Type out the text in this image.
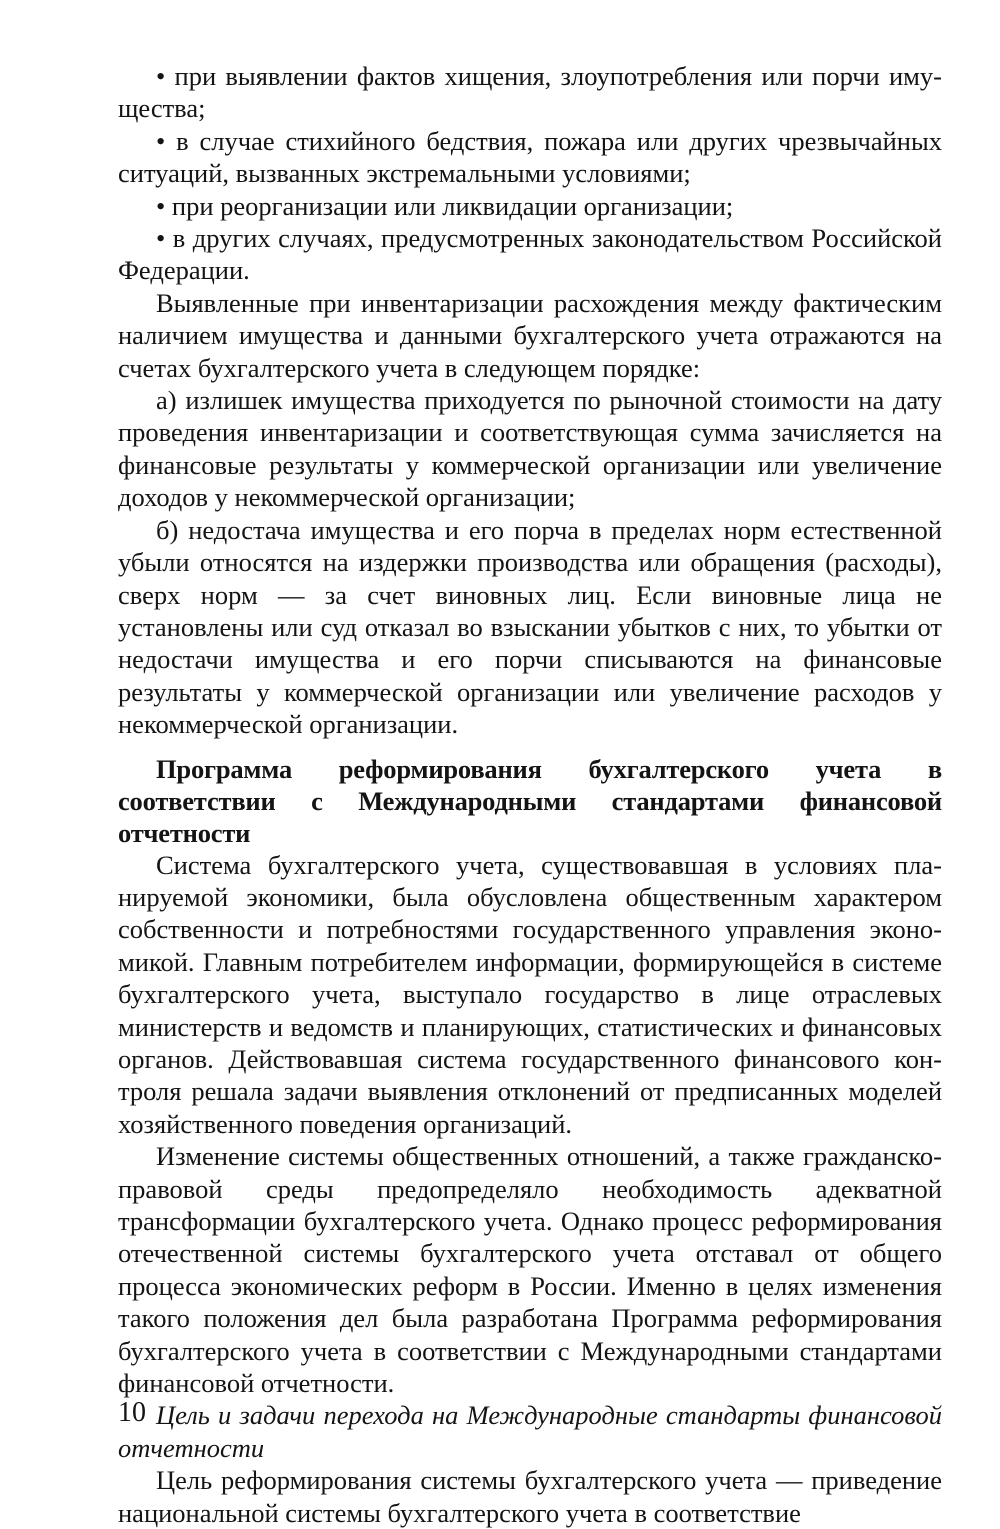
• при выявлении фактов хищения, злоупотребления или порчи имущества;

• в случае стихийного бедствия, пожара или других чрезвычайных ситуаций, вызванных экстремальными условиями;

• при реорганизации или ликвидации организации;

• в других случаях, предусмотренных законодательством Российской Федерации.

Выявленные при инвентаризации расхождения между фактическим наличием имущества и данными бухгалтерского учета отражаются на счетах бухгалтерского учета в следующем порядке:

а) излишек имущества приходуется по рыночной стоимости на дату проведения инвентаризации и соответствующая сумма зачисляется на финансовые результаты у коммерческой организации или увеличение доходов у некоммерческой организации;

б) недостача имущества и его порча в пределах норм естественной убыли относятся на издержки производства или обращения (расходы), сверх норм — за счет виновных лиц. Если виновные лица не установлены или суд отказал во взыскании убытков с них, то убытки от недостачи имущества и его порчи списываются на финансовые результаты у коммерческой организации или увеличение расходов у некоммерческой организации.

Программа реформирования бухгалтерского учета в соответствии с Международными стандартами финансовой отчетности

Система бухгалтерского учета, существовавшая в условиях планируемой экономики, была обусловлена общественным характером собственности и потребностями государственного управления экономикой. Главным потребителем информации, формирующейся в системе бухгалтерского учета, выступало государство в лице отраслевых министерств и ведомств и планирующих, статистических и финансовых органов. Действовавшая система государственного финансового контроля решала задачи выявления отклонений от предписанных моделей хозяйственного поведения организаций.

Изменение системы общественных отношений, а также гражданско-правовой среды предопределяло необходимость адекватной трансформации бухгалтерского учета. Однако процесс реформирования отечественной системы бухгалтерского учета отставал от общего процесса экономических реформ в России. Именно в целях изменения такого положения дел была разработана Программа реформирования бухгалтерского учета в соответствии с Международными стандартами финансовой отчетности.

Цель и задачи перехода на Международные стандарты финансовой отчетности

Цель реформирования системы бухгалтерского учета — приведение национальной системы бухгалтерского учета в соответствие

10
